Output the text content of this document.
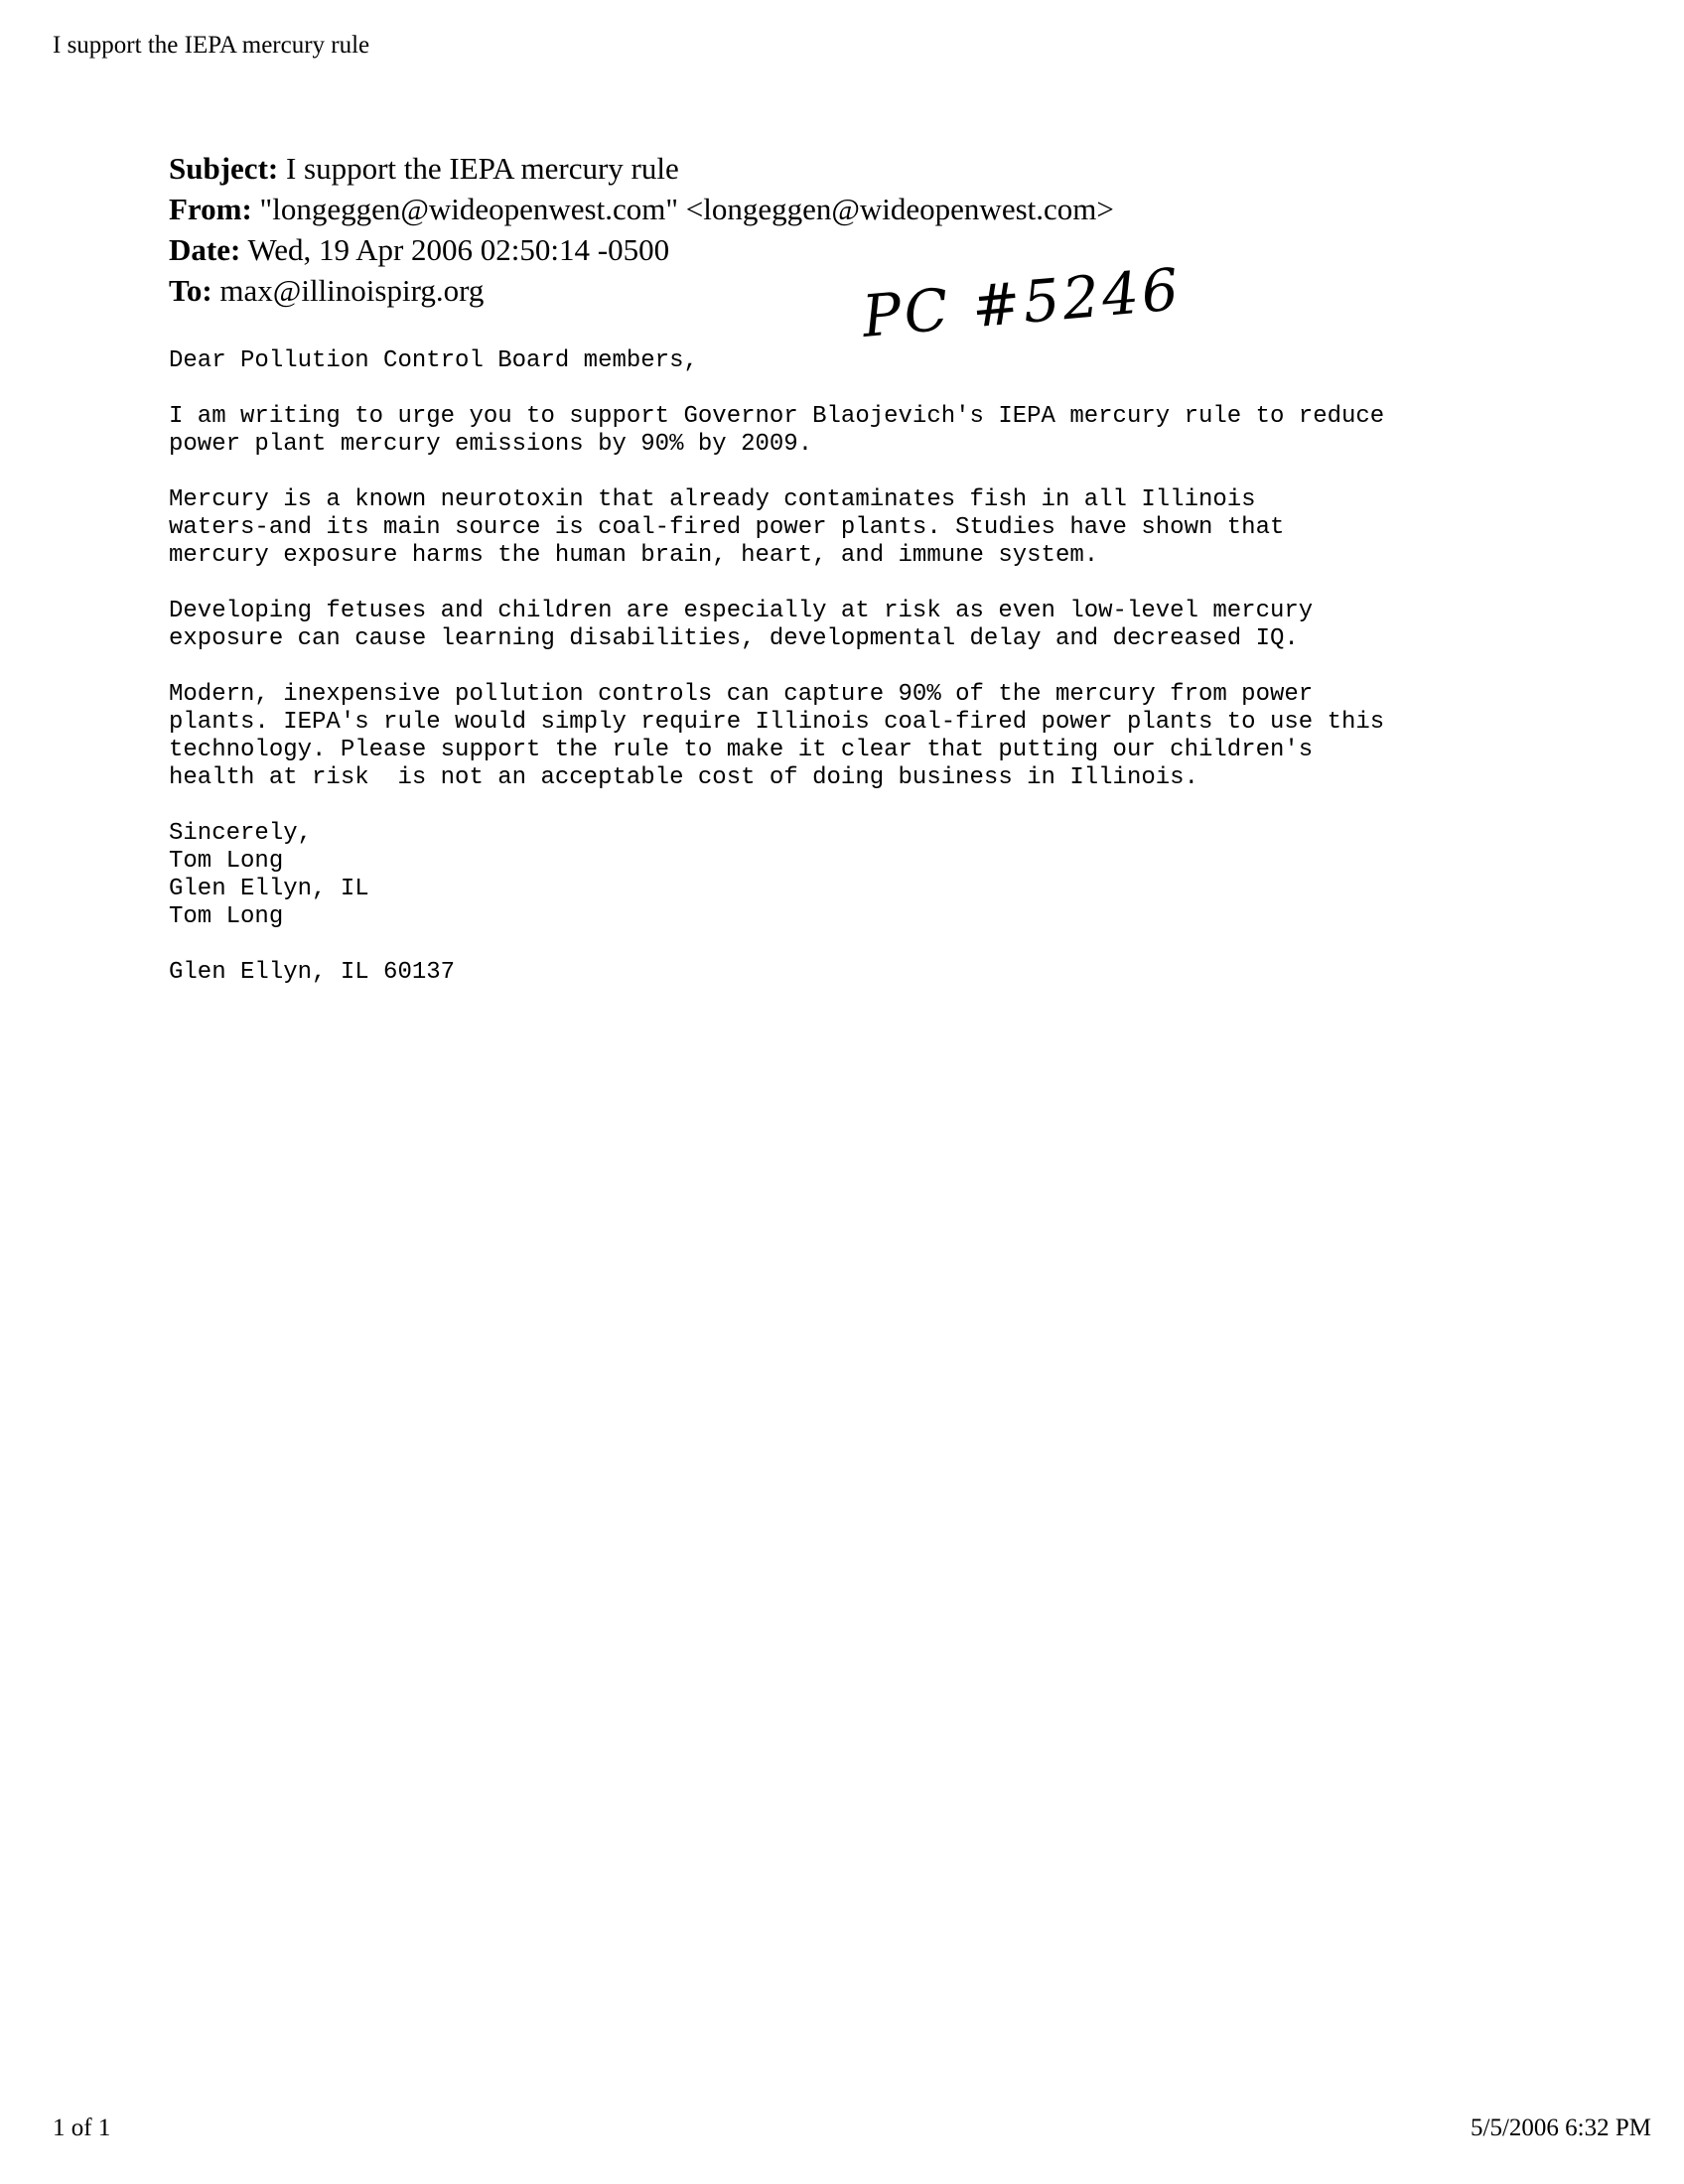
I support the IEPA mercury rule
Subject: I support the IEPA mercury rule
From: "longeggen@wideopenwest.com" <longeggen@wideopenwest.com>
Date: Wed, 19 Apr 2006 02:50:14 -0500
To: max@illinoispirg.org	PC #5246

Dear Pollution Control Board members,

I am writing to urge you to support Governor Blaojevich's IEPA mercury rule to reduce
power plant mercury emissions by 90% by 2009.

Mercury is a known neurotoxin that already contaminates fish in all Illinois
waters-and its main source is coal-fired power plants. Studies have shown that
mercury exposure harms the human brain, heart, and immune system.

Developing fetuses and children are especially at risk as even low-level mercury
exposure can cause learning disabilities, developmental delay and decreased IQ.

Modern, inexpensive pollution controls can capture 90% of the mercury from power
plants. IEPA's rule would simply require Illinois coal-fired power plants to use this
technology. Please support the rule to make it clear that putting our children's
health at risk  is not an acceptable cost of doing business in Illinois.

Sincerely,
Tom Long
Glen Ellyn, IL
Tom Long

Glen Ellyn, IL 60137

1 of 1	5/5/2006 6:32 PM
